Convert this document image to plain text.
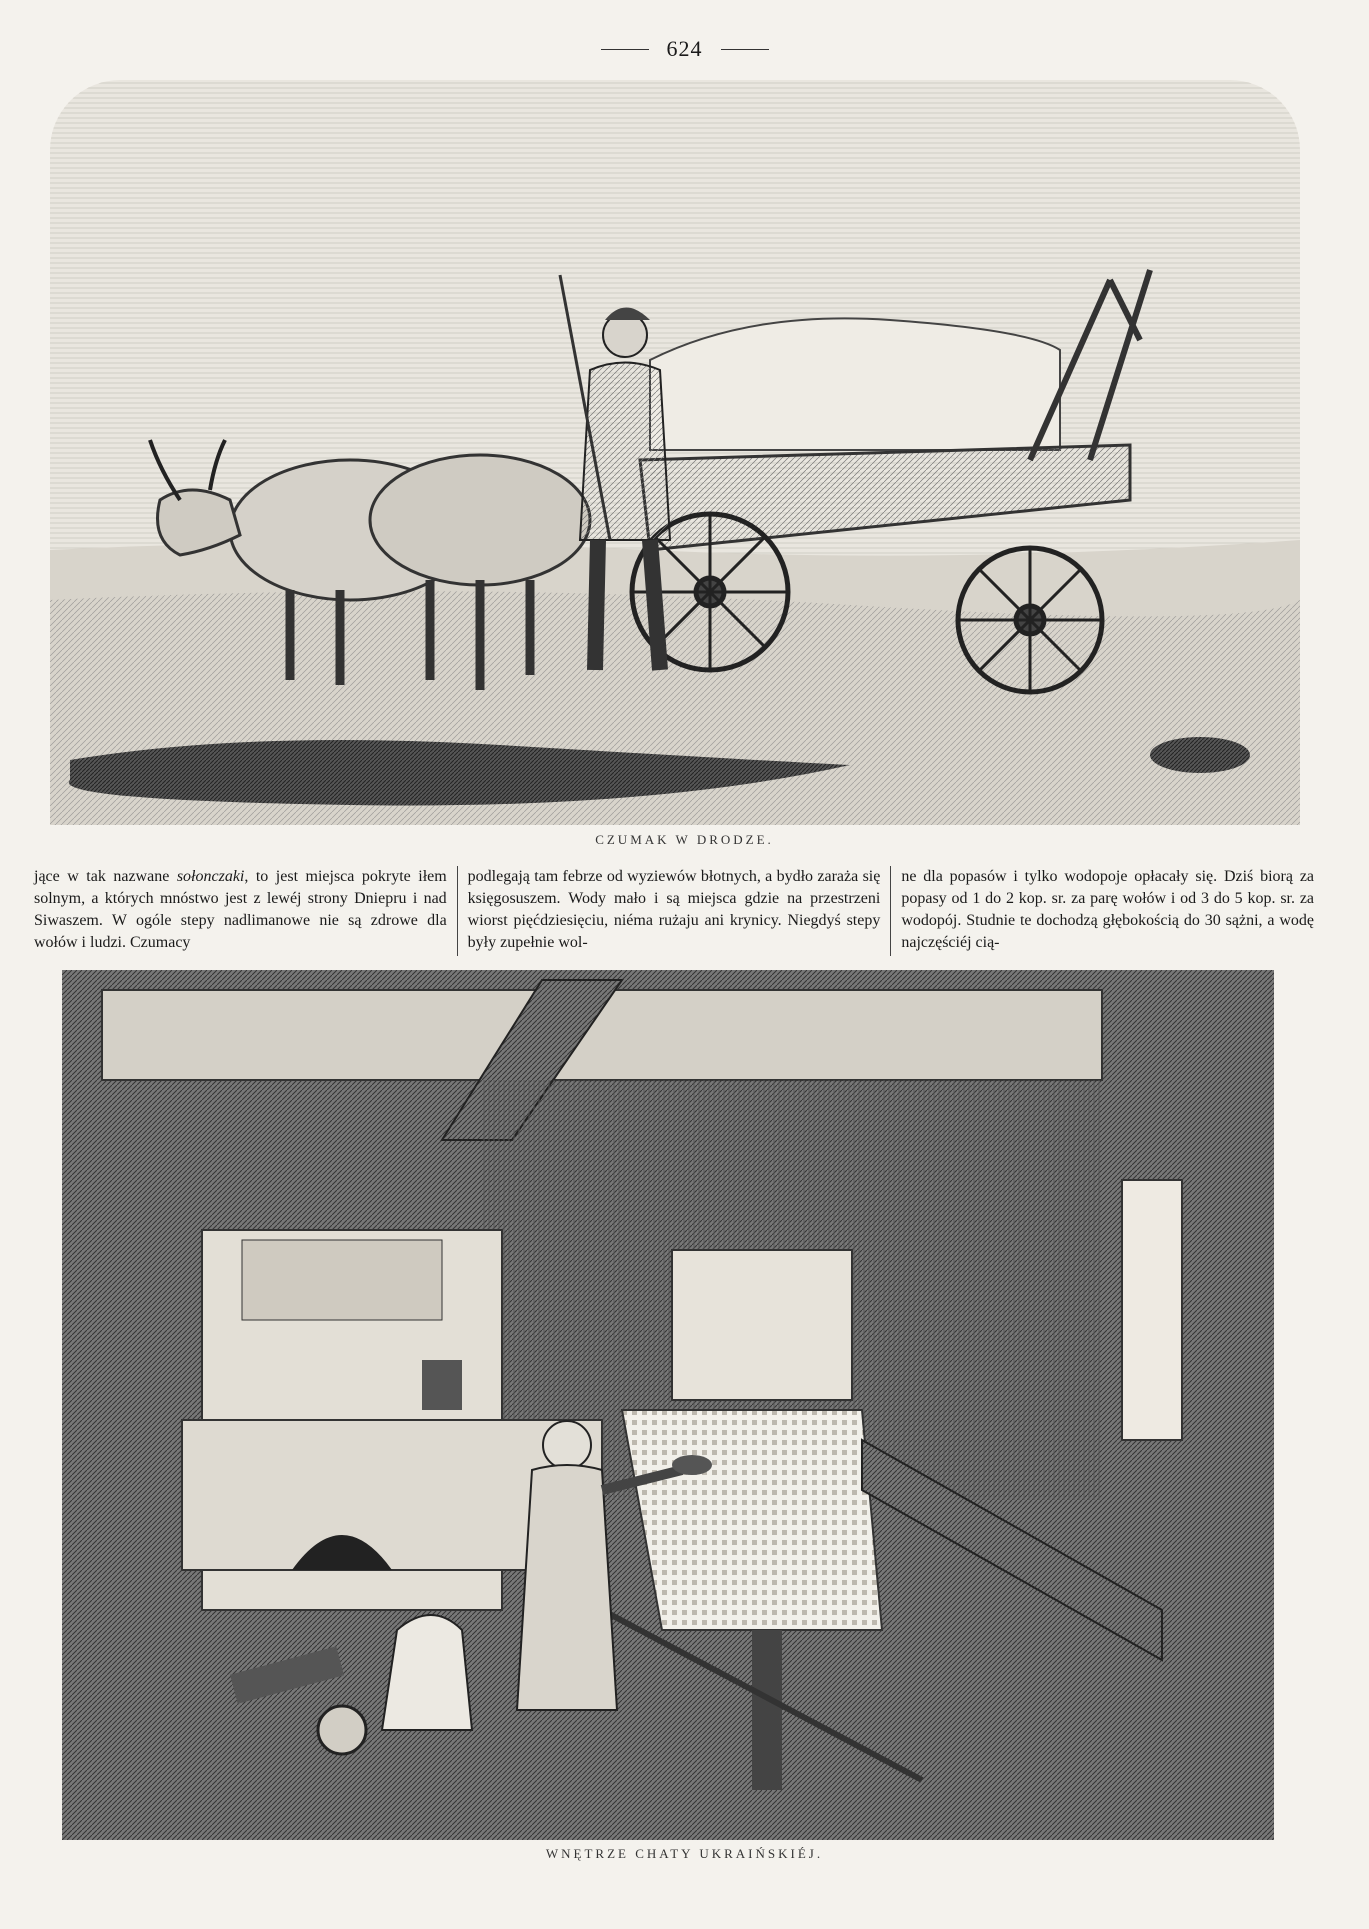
624
CZUMAK W DRODZE.

jące w tak nazwane sołonczaki, to jest miejsca pokryte iłem solnym, a których mnóstwo jest z lewéj strony Dniepru i nad Siwaszem. W ogóle stepy nadlimanowe nie są zdrowe dla wołów i ludzi. Czumacy

podlegają tam febrze od wyziewów błotnych, a bydło zaraża się księgosuszem. Wody mało i są miejsca gdzie na przestrzeni wiorst pięćdziesięciu, niéma rużaju ani krynicy. Niegdyś stepy były zupełnie wol-

ne dla popasów i tylko wodopoje opłacały się. Dziś biorą za popasy od 1 do 2 kop. sr. za parę wołów i od 3 do 5 kop. sr. za wodopój. Studnie te dochodzą głębokością do 30 sążni, a wodę najczęściéj cią-

WNĘTRZE CHATY UKRAIŃSKIÉJ.
